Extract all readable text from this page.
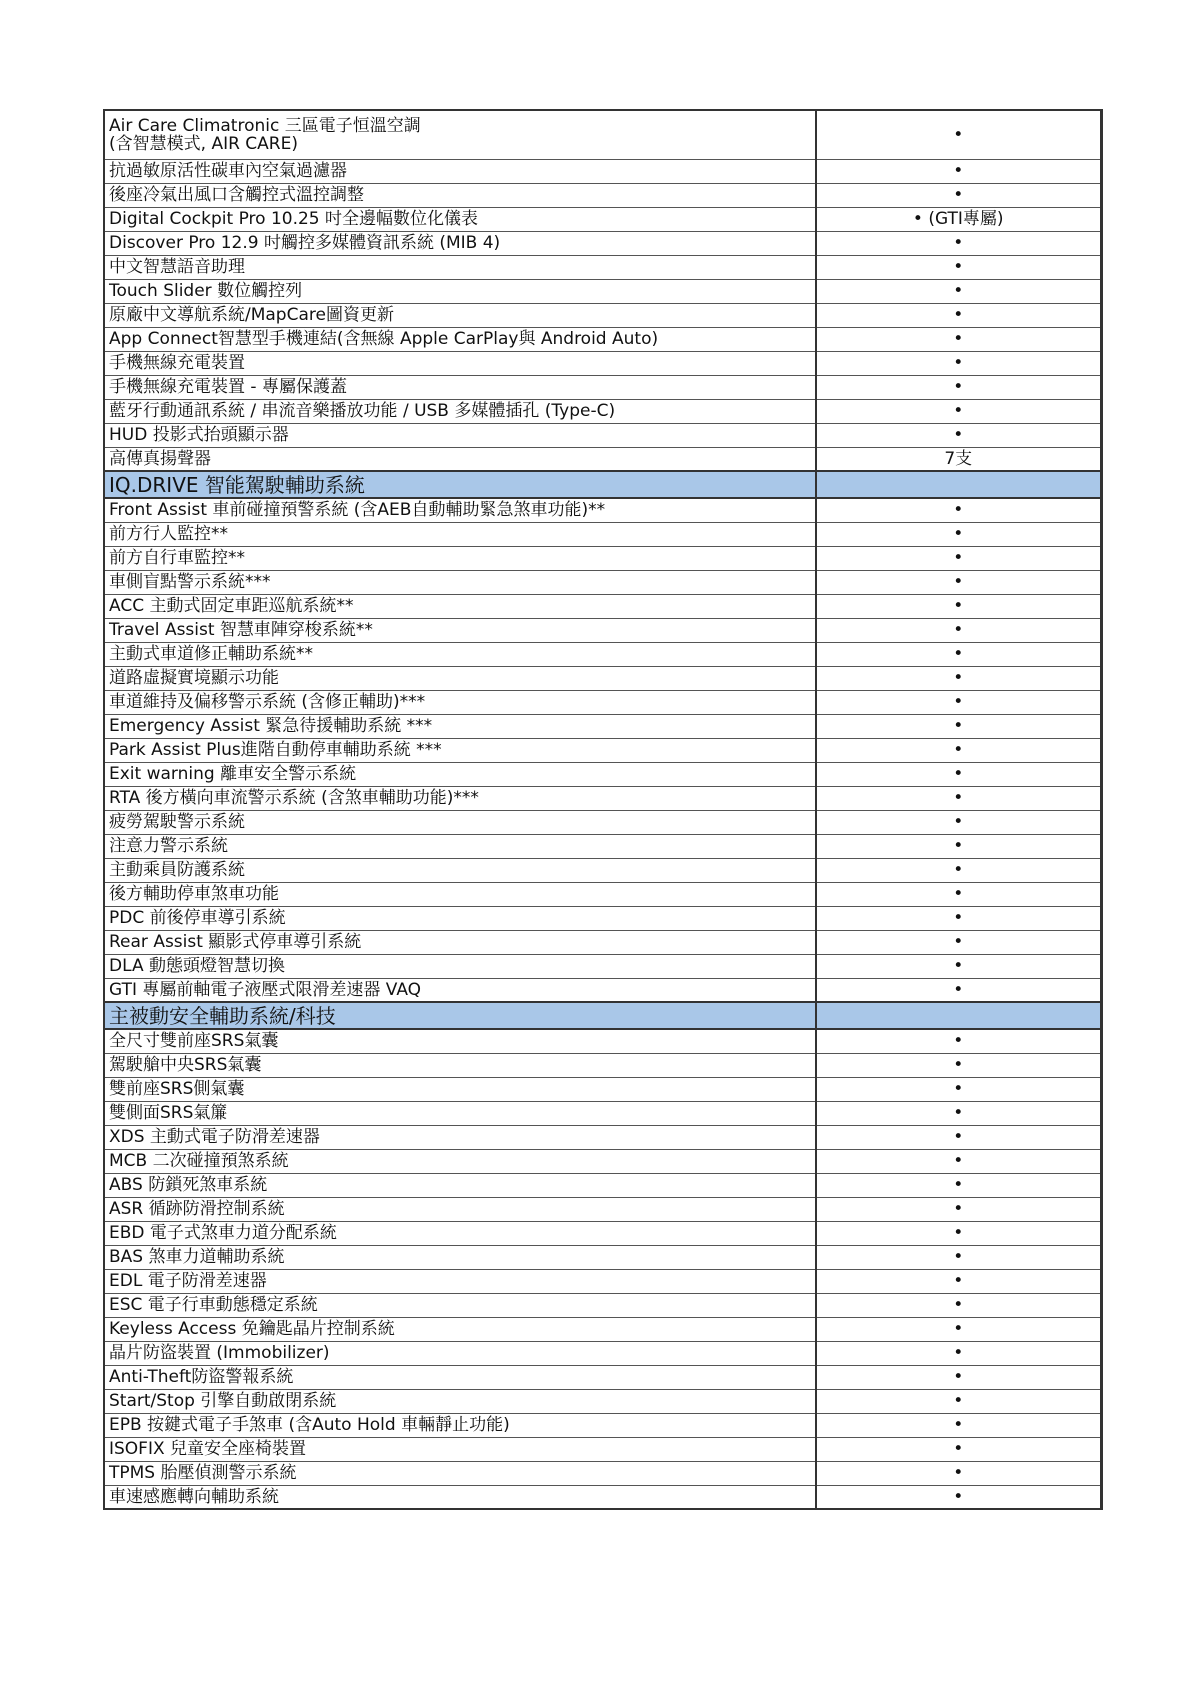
Air Care Climatronic 三區電子恒溫空調
(含智慧模式, AIR CARE)	•
抗過敏原活性碳車內空氣過濾器	•
後座冷氣出風口含觸控式溫控調整	•
Digital Cockpit Pro 10.25 吋全邊幅數位化儀表	• (GTI專屬)
Discover Pro 12.9 吋觸控多媒體資訊系統 (MIB 4)	•
中文智慧語音助理	•
Touch Slider 數位觸控列	•
原廠中文導航系統/MapCare圖資更新	•
App Connect智慧型手機連結(含無線 Apple CarPlay與 Android Auto)	•
手機無線充電裝置	•
手機無線充電裝置 - 專屬保護蓋	•
藍牙行動通訊系統 / 串流音樂播放功能 / USB 多媒體插孔 (Type-C)	•
HUD 投影式抬頭顯示器	•
高傳真揚聲器	7支
IQ.DRIVE 智能駕駛輔助系統	
Front Assist 車前碰撞預警系統 (含AEB自動輔助緊急煞車功能)**	•
前方行人監控**	•
前方自行車監控**	•
車側盲點警示系統***	•
ACC 主動式固定車距巡航系統**	•
Travel Assist 智慧車陣穿梭系統**	•
主動式車道修正輔助系統**	•
道路虛擬實境顯示功能	•
車道維持及偏移警示系統 (含修正輔助)***	•
Emergency Assist 緊急待援輔助系統 ***	•
Park Assist Plus進階自動停車輔助系統 ***	•
Exit warning 離車安全警示系統	•
RTA 後方橫向車流警示系統 (含煞車輔助功能)***	•
疲勞駕駛警示系統	•
注意力警示系統	•
主動乘員防護系統	•
後方輔助停車煞車功能	•
PDC 前後停車導引系統	•
Rear Assist 顯影式停車導引系統	•
DLA 動態頭燈智慧切換	•
GTI 專屬前軸電子液壓式限滑差速器 VAQ	•
主被動安全輔助系統/科技	
全尺寸雙前座SRS氣囊	•
駕駛艙中央SRS氣囊	•
雙前座SRS側氣囊	•
雙側面SRS氣簾	•
XDS 主動式電子防滑差速器	•
MCB 二次碰撞預煞系統	•
ABS 防鎖死煞車系統	•
ASR 循跡防滑控制系統	•
EBD 電子式煞車力道分配系統	•
BAS 煞車力道輔助系統	•
EDL 電子防滑差速器	•
ESC 電子行車動態穩定系統	•
Keyless Access 免鑰匙晶片控制系統	•
晶片防盜裝置 (Immobilizer)	•
Anti-Theft防盜警報系統	•
Start/Stop 引擎自動啟閉系統	•
EPB 按鍵式電子手煞車 (含Auto Hold 車輛靜止功能)	•
ISOFIX 兒童安全座椅裝置	•
TPMS 胎壓偵測警示系統	•
車速感應轉向輔助系統	•
